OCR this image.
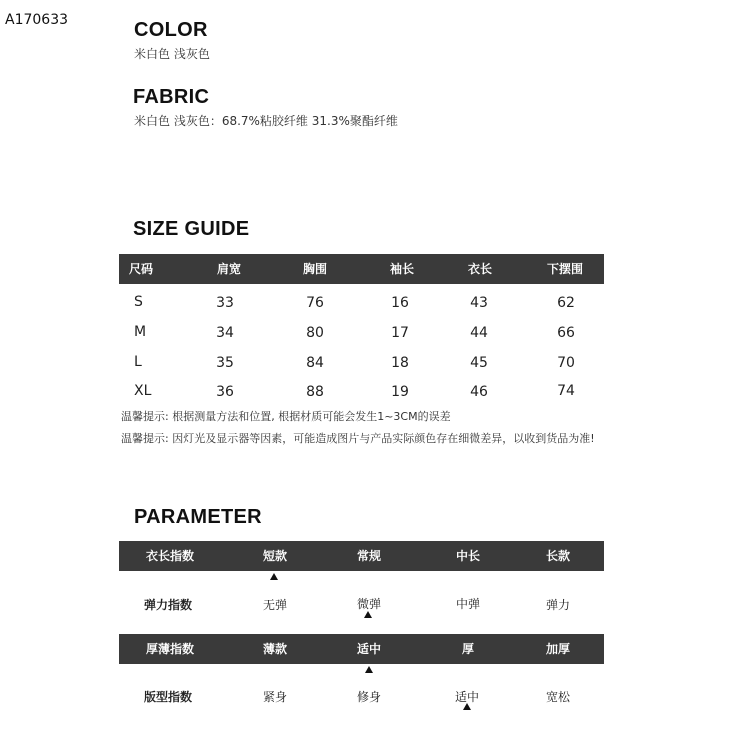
A170633	COLOR
米白色 浅灰色
FABRIC
米白色 浅灰色：68.7%粘胶纤维 31.3%聚酯纤维
SIZE GUIDE
尺码	肩宽	胸围	袖长	衣长	下摆围
S	33	76	16	43	62
M	34	80	17	44	66
L	35	84	18	45	70
XL	36	88	19	46	74
温馨提示: 根据测量方法和位置, 根据材质可能会发生1~3CM的误差
温馨提示: 因灯光及显示器等因素，可能造成图片与产品实际颜色存在细微差异，以收到货品为准!
PARAMETER
衣长指数	短款	常规	中长	长款
弹力指数	无弹	微弹	中弹	弹力
厚薄指数	薄款	适中	厚	加厚
版型指数	紧身	修身	适中	宽松
